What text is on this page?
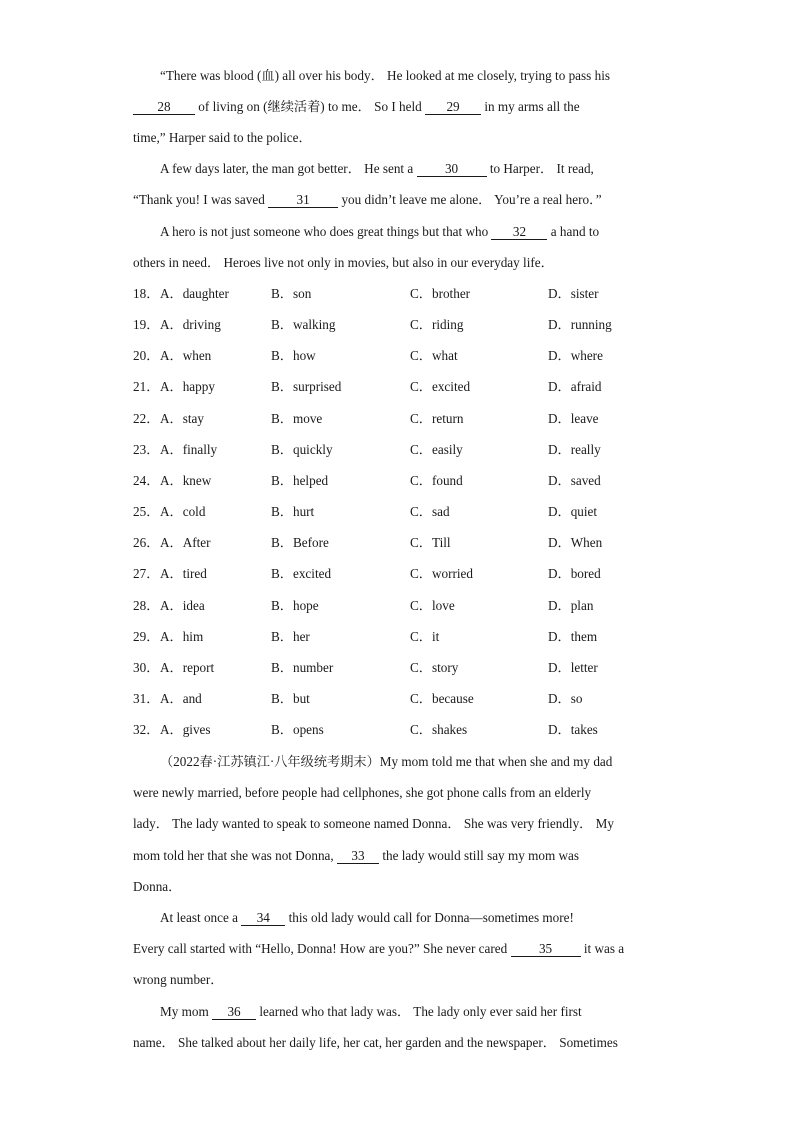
“There was blood (血) all over his body． He looked at me closely, trying to pass his
28 of living on (继续活着) to me． So I held 29 in my arms all the
time,” Harper said to the police．
A few days later, the man got better． He sent a 30 to Harper． It read,
“Thank you! I was saved 31 you didn’t leave me alone． You’re a real hero．”
A hero is not just someone who does great things but that who 32 a hand to
others in need． Heroes live not only in movies, but also in our everyday life．
18． A．daughter	B．son	C．brother	D．sister
19． A．driving	B．walking	C．riding	D．running
20． A．when	B．how	C．what	D．where
21． A．happy	B．surprised	C．excited	D．afraid
22． A．stay	B．move	C．return	D．leave
23． A．finally	B．quickly	C．easily	D．really
24． A．knew	B．helped	C．found	D．saved
25． A．cold	B．hurt	C．sad	D．quiet
26． A．After	B．Before	C．Till	D．When
27． A．tired	B．excited	C．worried	D．bored
28． A．idea	B．hope	C．love	D．plan
29． A．him	B．her	C．it	D．them
30． A．report	B．number	C．story	D．letter
31． A．and	B．but	C．because	D．so
32． A．gives	B．opens	C．shakes	D．takes
（2022春·江苏镇江·八年级统考期末）My mom told me that when she and my dad
were newly married, before people had cellphones, she got phone calls from an elderly
lady． The lady wanted to speak to someone named Donna． She was very friendly． My
mom told her that she was not Donna, 33 the lady would still say my mom was
Donna．
At least once a 34 this old lady would call for Donna—sometimes more!
Every call started with “Hello, Donna! How are you?” She never cared 35 it was a
wrong number．
My mom 36 learned who that lady was． The lady only ever said her first
name． She talked about her daily life, her cat, her garden and the newspaper． Sometimes
